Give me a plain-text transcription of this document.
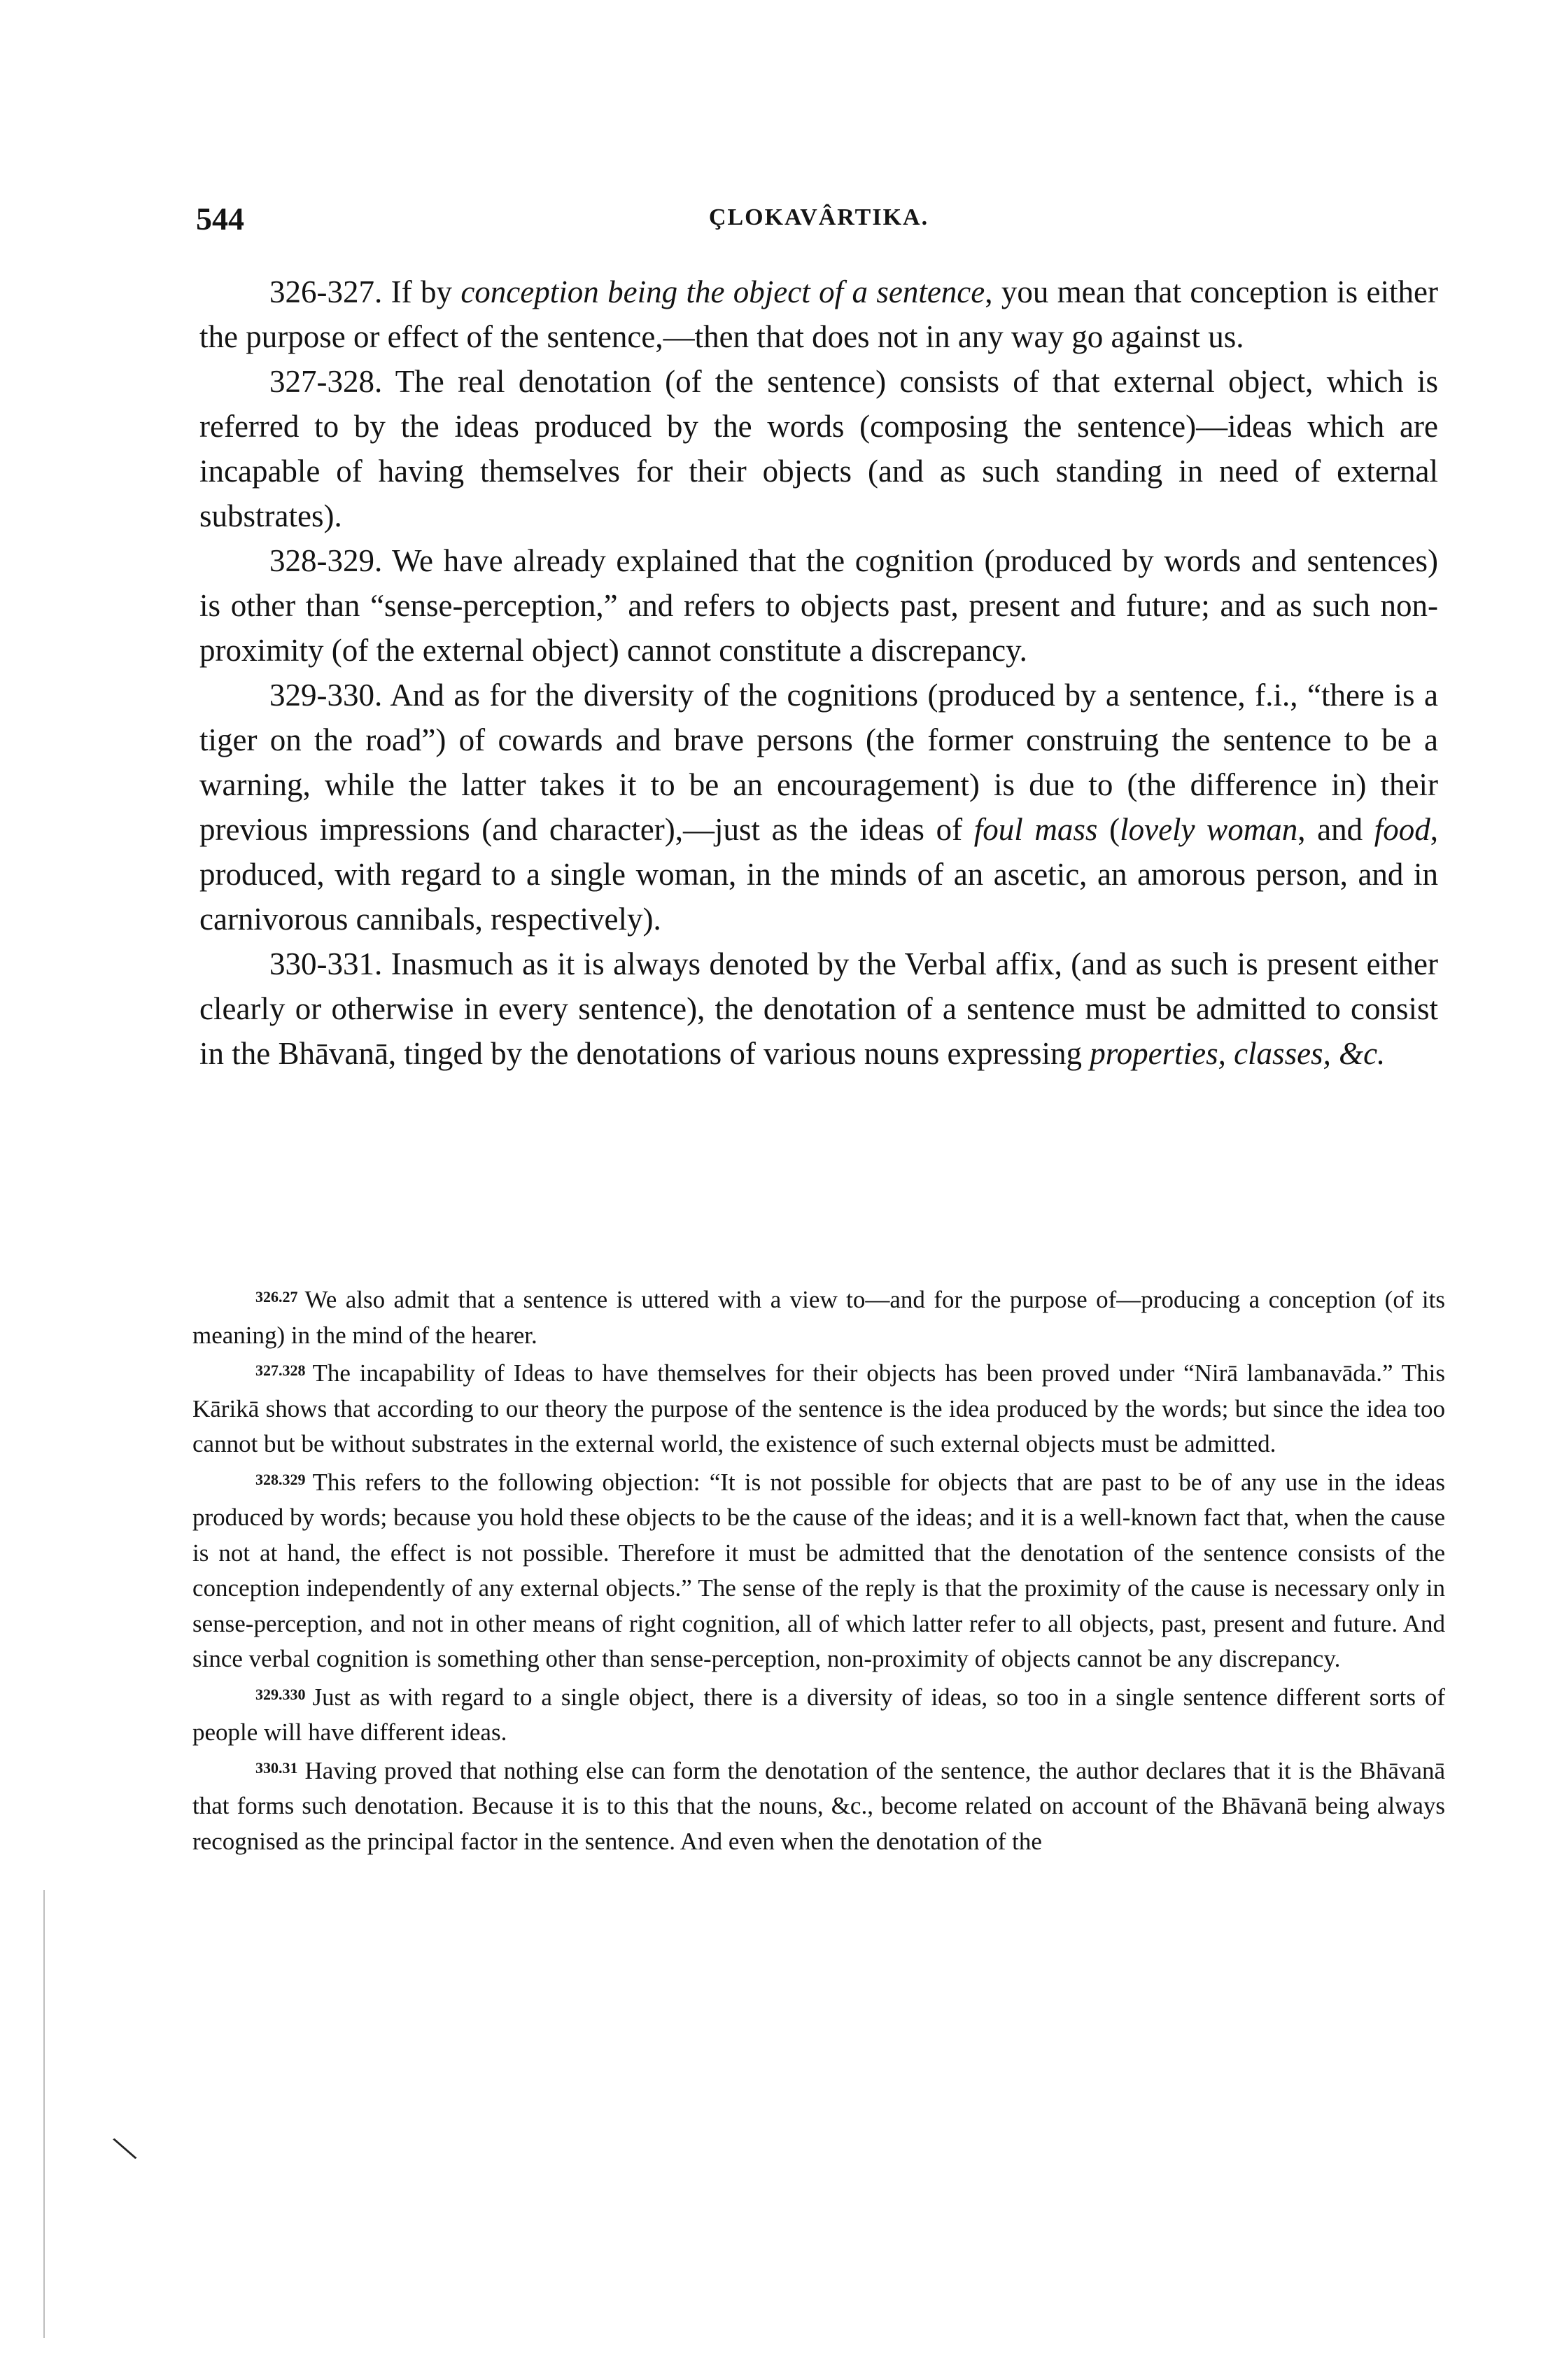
544	ÇLOKAVÂRTIKA.

326-327. If by conception being the object of a sentence, you mean that conception is either the purpose or effect of the sentence,—then that does not in any way go against us.

327-328. The real denotation (of the sentence) consists of that external object, which is referred to by the ideas produced by the words (composing the sentence)—ideas which are incapable of having themselves for their objects (and as such standing in need of external substrates).

328-329. We have already explained that the cognition (produced by words and sentences) is other than “sense-perception,” and refers to objects past, present and future; and as such non-proximity (of the external object) cannot constitute a discrepancy.

329-330. And as for the diversity of the cognitions (produced by a sentence, f.i., “there is a tiger on the road”) of cowards and brave persons (the former construing the sentence to be a warning, while the latter takes it to be an encouragement) is due to (the difference in) their previous impressions (and character),—just as the ideas of foul mass (lovely woman, and food, produced, with regard to a single woman, in the minds of an ascetic, an amorous person, and in carnivorous cannibals, respectively).

330-331. Inasmuch as it is always denoted by the Verbal affix, (and as such is present either clearly or otherwise in every sentence), the denotation of a sentence must be admitted to consist in the Bhāvanā, tinged by the denotations of various nouns expressing properties, classes, &c.

$^{326.27}$ We also admit that a sentence is uttered with a view to—and for the purpose of—producing a conception (of its meaning) in the mind of the hearer.

$^{327.328}$ The incapability of Ideas to have themselves for their objects has been proved under “Nirā lambanavāda.” This Kārikā shows that according to our theory the purpose of the sentence is the idea produced by the words; but since the idea too cannot but be without substrates in the external world, the existence of such external objects must be admitted.

$^{328.329}$ This refers to the following objection: “It is not possible for objects that are past to be of any use in the ideas produced by words; because you hold these objects to be the cause of the ideas; and it is a well-known fact that, when the cause is not at hand, the effect is not possible. Therefore it must be admitted that the denotation of the sentence consists of the conception independently of any external objects.” The sense of the reply is that the proximity of the cause is necessary only in sense-perception, and not in other means of right cognition, all of which latter refer to all objects, past, present and future. And since verbal cognition is something other than sense-perception, non-proximity of objects cannot be any discrepancy.

$^{329.330}$ Just as with regard to a single object, there is a diversity of ideas, so too in a single sentence different sorts of people will have different ideas.

$^{330.31}$ Having proved that nothing else can form the denotation of the sentence, the author declares that it is the Bhāvanā that forms such denotation. Because it is to this that the nouns, &c., become related on account of the Bhāvanā being always recognised as the principal factor in the sentence. And even when the denotation of the

\
